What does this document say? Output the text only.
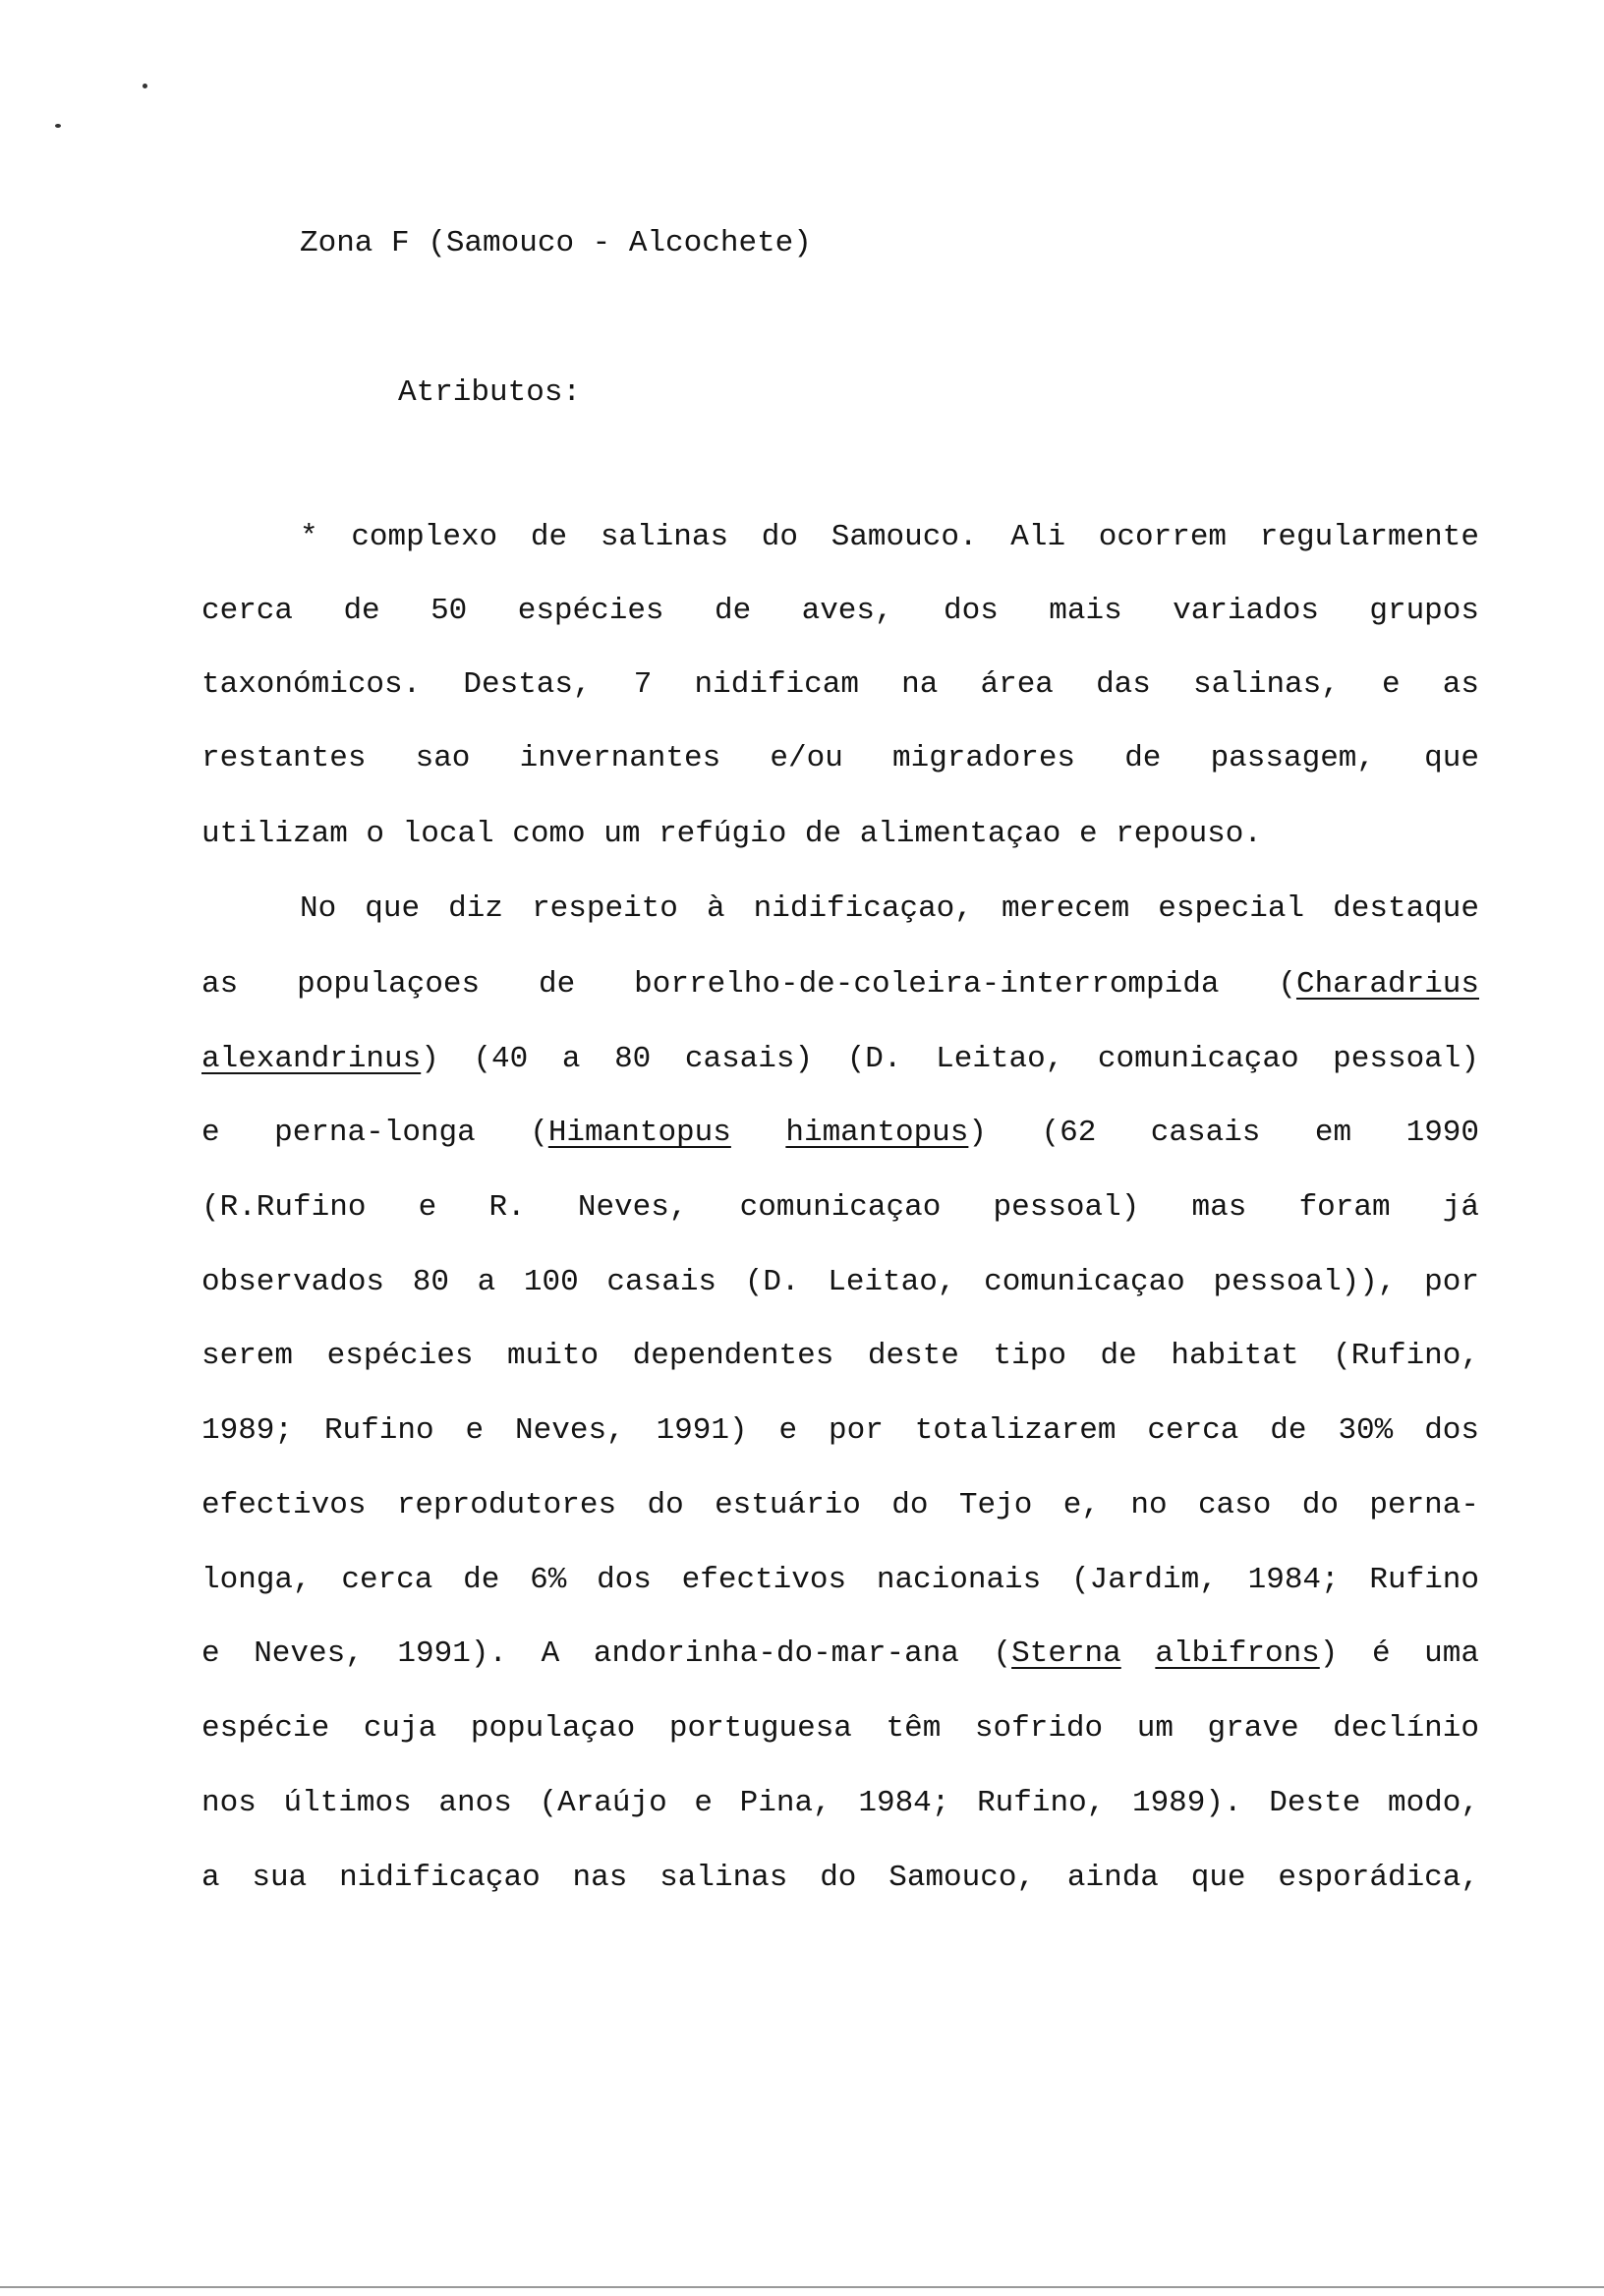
Zona F (Samouco - Alcochete)
Atributos:
* complexo de salinas do Samouco. Ali ocorrem regularmente
cerca de 50 espécies de aves, dos mais variados grupos
taxonómicos. Destas, 7 nidificam na área das salinas, e as
restantes sao invernantes e/ou migradores de passagem, que
utilizam o local como um refúgio de alimentaçao e repouso.
No que diz respeito à nidificaçao, merecem especial destaque
as populaçoes de borrelho-de-coleira-interrompida (Charadrius
alexandrinus) (40 a 80 casais) (D. Leitao, comunicaçao pessoal)
e perna-longa (Himantopus himantopus) (62 casais em 1990
(R.Rufino e R. Neves, comunicaçao pessoal) mas foram já
observados 80 a 100 casais (D. Leitao, comunicaçao pessoal)), por
serem espécies muito dependentes deste tipo de habitat (Rufino,
1989; Rufino e Neves, 1991) e por totalizarem cerca de 30% dos
efectivos reprodutores do estuário do Tejo e, no caso do perna-
longa, cerca de 6% dos efectivos nacionais (Jardim, 1984; Rufino
e Neves, 1991). A andorinha-do-mar-ana (Sterna albifrons) é uma
espécie cuja populaçao portuguesa têm sofrido um grave declínio
nos últimos anos (Araújo e Pina, 1984; Rufino, 1989). Deste modo,
a sua nidificaçao nas salinas do Samouco, ainda que esporádica,
